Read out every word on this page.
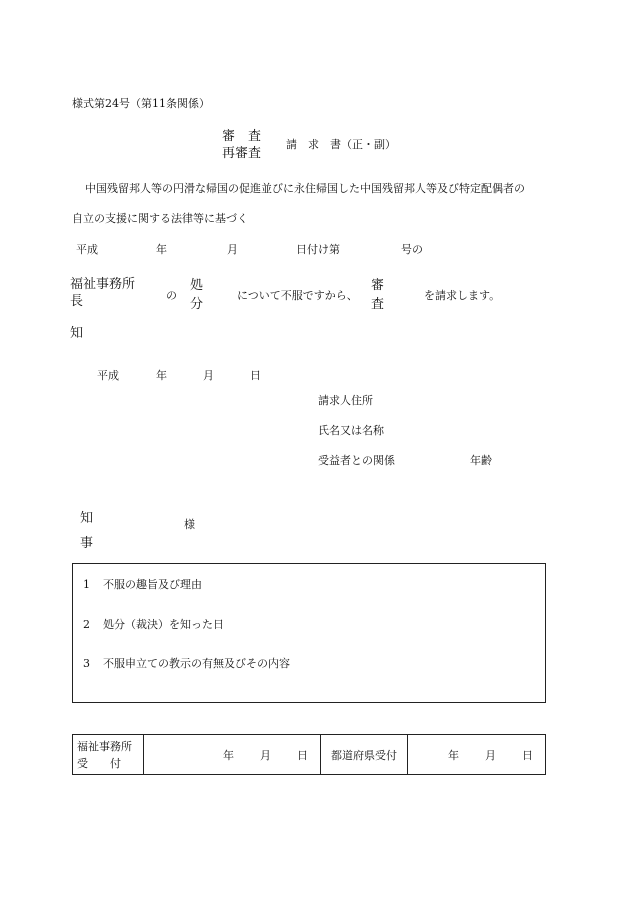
様式第24号（第11条関係）
審　査
再審査
請　求　書（正・副）
中国残留邦人等の円滑な帰国の促進並びに永住帰国した中国残留邦人等及び特定配偶者の
自立の支援に関する法律等に基づく
平成	年	月	日付け第	号の
福祉事務所
長
知
の
処
分
について不服ですから、
審
査
を請求します。
平成	年	月	日
請求人住所
氏名又は名称
受益者との関係	年齢
知
事
様
1 不服の趣旨及び理由
2 処分（裁決）を知った日
3 不服申立ての教示の有無及びその内容
福祉事務所
受　　付
	年 月 日	都道府県受付	年 月 日
